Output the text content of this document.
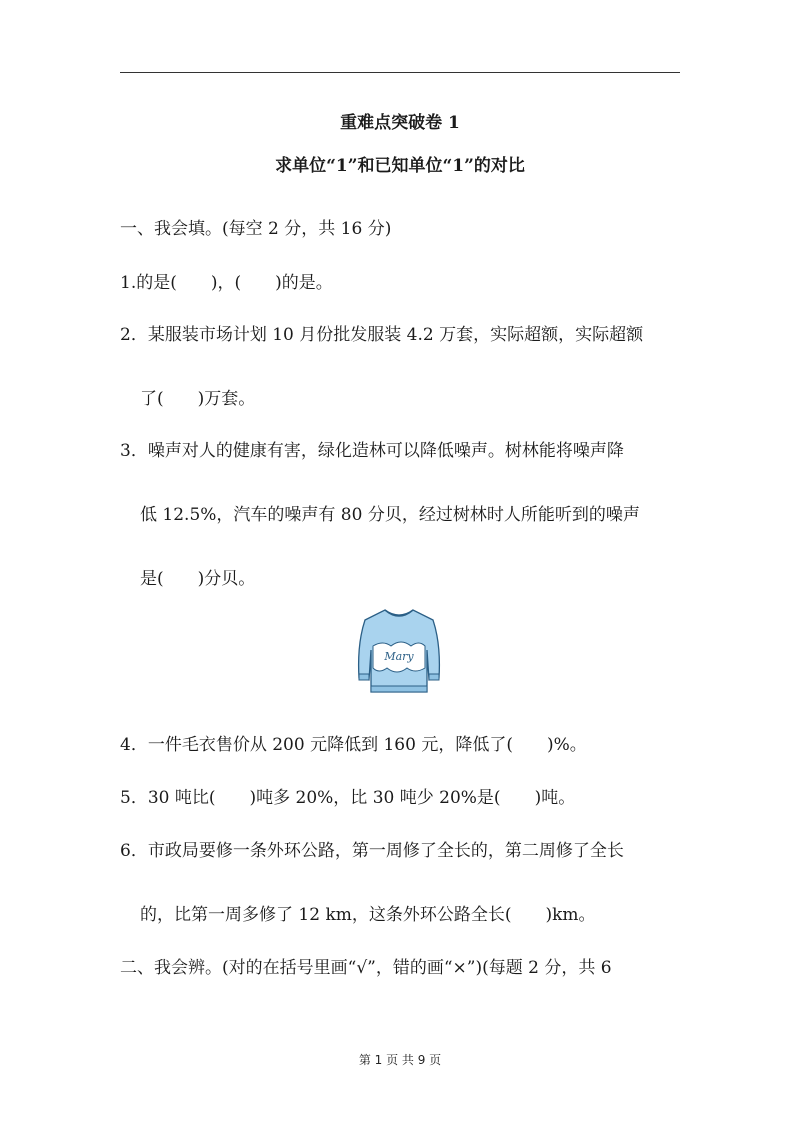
重难点突破卷 1
求单位“1”和已知单位“1”的对比
一、我会填。(每空 2 分，共 16 分)
1.的是(　　)，(　　)的是。
2．某服装市场计划 10 月份批发服装 4.2 万套，实际超额，实际超额
了(　　)万套。
3．噪声对人的健康有害，绿化造林可以降低噪声。树林能将噪声降
低 12.5%，汽车的噪声有 80 分贝，经过树林时人所能听到的噪声
是(　　)分贝。
Mary
4．一件毛衣售价从 200 元降低到 160 元，降低了(　　)%。
5．30 吨比(　　)吨多 20%，比 30 吨少 20%是(　　)吨。
6．市政局要修一条外环公路，第一周修了全长的，第二周修了全长
的，比第一周多修了 12 km，这条外环公路全长(　　)km。
二、我会辨。(对的在括号里画“√”，错的画“×”)(每题 2 分，共 6
第 1 页 共 9 页
